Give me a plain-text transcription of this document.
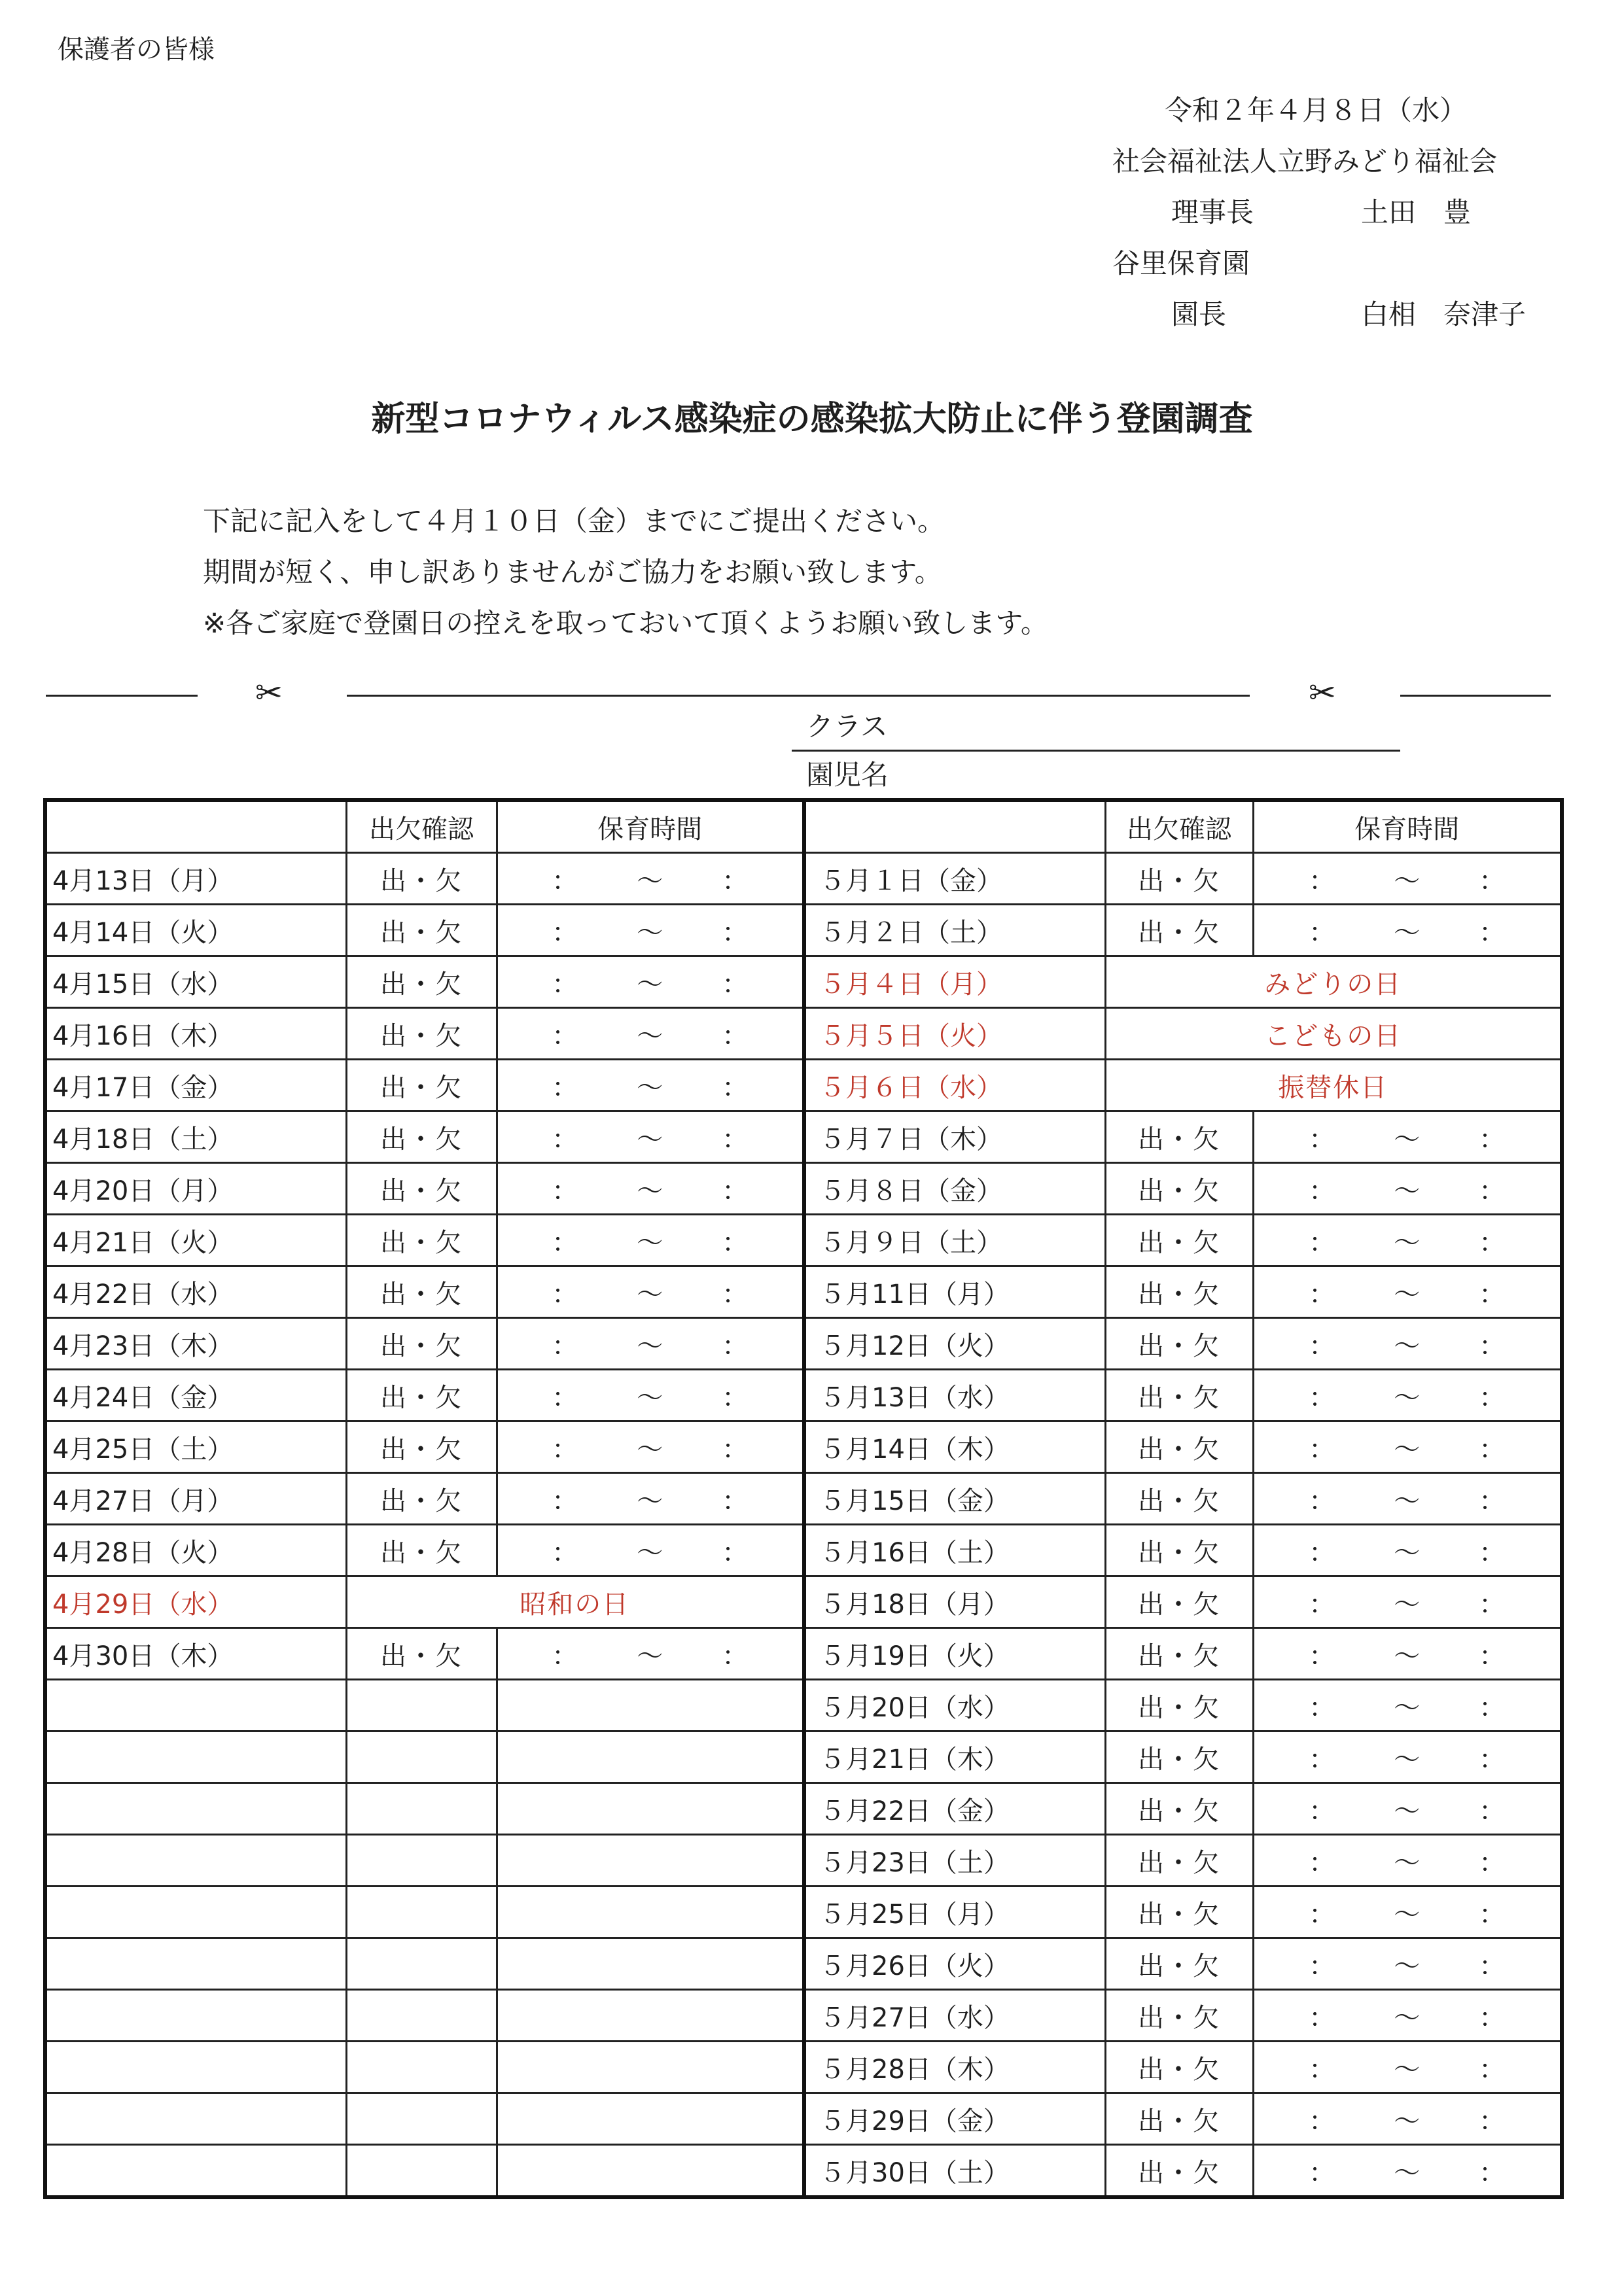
保護者の皆様
令和２年４月８日（水）
社会福祉法人立野みどり福祉会
理事長	土田　豊
谷里保育園
園長	白相　奈津子
新型コロナウィルス感染症の感染拡大防止に伴う登園調査
下記に記入をして４月１０日（金）までにご提出ください。
期間が短く、申し訳ありませんがご協力をお願い致します。
※各ご家庭で登園日の控えを取っておいて頂くようお願い致します。
✂	✂
クラス
園児名
	出欠確認	保育時間		出欠確認	保育時間
4月13日（月）	出・欠	： 〜 ：	５月１日（金）	出・欠	： 〜 ：

4月14日（火）	出・欠	： 〜 ：	５月２日（土）	出・欠	： 〜 ：

4月15日（水）	出・欠	： 〜 ：	５月４日（月）	みどりの日	
4月16日（木）	出・欠	： 〜 ：	５月５日（火）	こどもの日	
4月17日（金）	出・欠	： 〜 ：	５月６日（水）	振替休日	
4月18日（土）	出・欠	： 〜 ：	５月７日（木）	出・欠	： 〜 ：

4月20日（月）	出・欠	： 〜 ：	５月８日（金）	出・欠	： 〜 ：

4月21日（火）	出・欠	： 〜 ：	５月９日（土）	出・欠	： 〜 ：

4月22日（水）	出・欠	： 〜 ：	５月11日（月）	出・欠	： 〜 ：

4月23日（木）	出・欠	： 〜 ：	５月12日（火）	出・欠	： 〜 ：

4月24日（金）	出・欠	： 〜 ：	５月13日（水）	出・欠	： 〜 ：

4月25日（土）	出・欠	： 〜 ：	５月14日（木）	出・欠	： 〜 ：

4月27日（月）	出・欠	： 〜 ：	５月15日（金）	出・欠	： 〜 ：

4月28日（火）	出・欠	： 〜 ：	５月16日（土）	出・欠	： 〜 ：

4月29日（水）	昭和の日		５月18日（月）	出・欠	： 〜 ：

4月30日（木）	出・欠	： 〜 ：	５月19日（火）	出・欠	： 〜 ：

			５月20日（水）	出・欠	： 〜 ：

			５月21日（木）	出・欠	： 〜 ：

			５月22日（金）	出・欠	： 〜 ：

			５月23日（土）	出・欠	： 〜 ：

			５月25日（月）	出・欠	： 〜 ：

			５月26日（火）	出・欠	： 〜 ：

			５月27日（水）	出・欠	： 〜 ：

			５月28日（木）	出・欠	： 〜 ：

			５月29日（金）	出・欠	： 〜 ：

			５月30日（土）	出・欠	： 〜 ：
